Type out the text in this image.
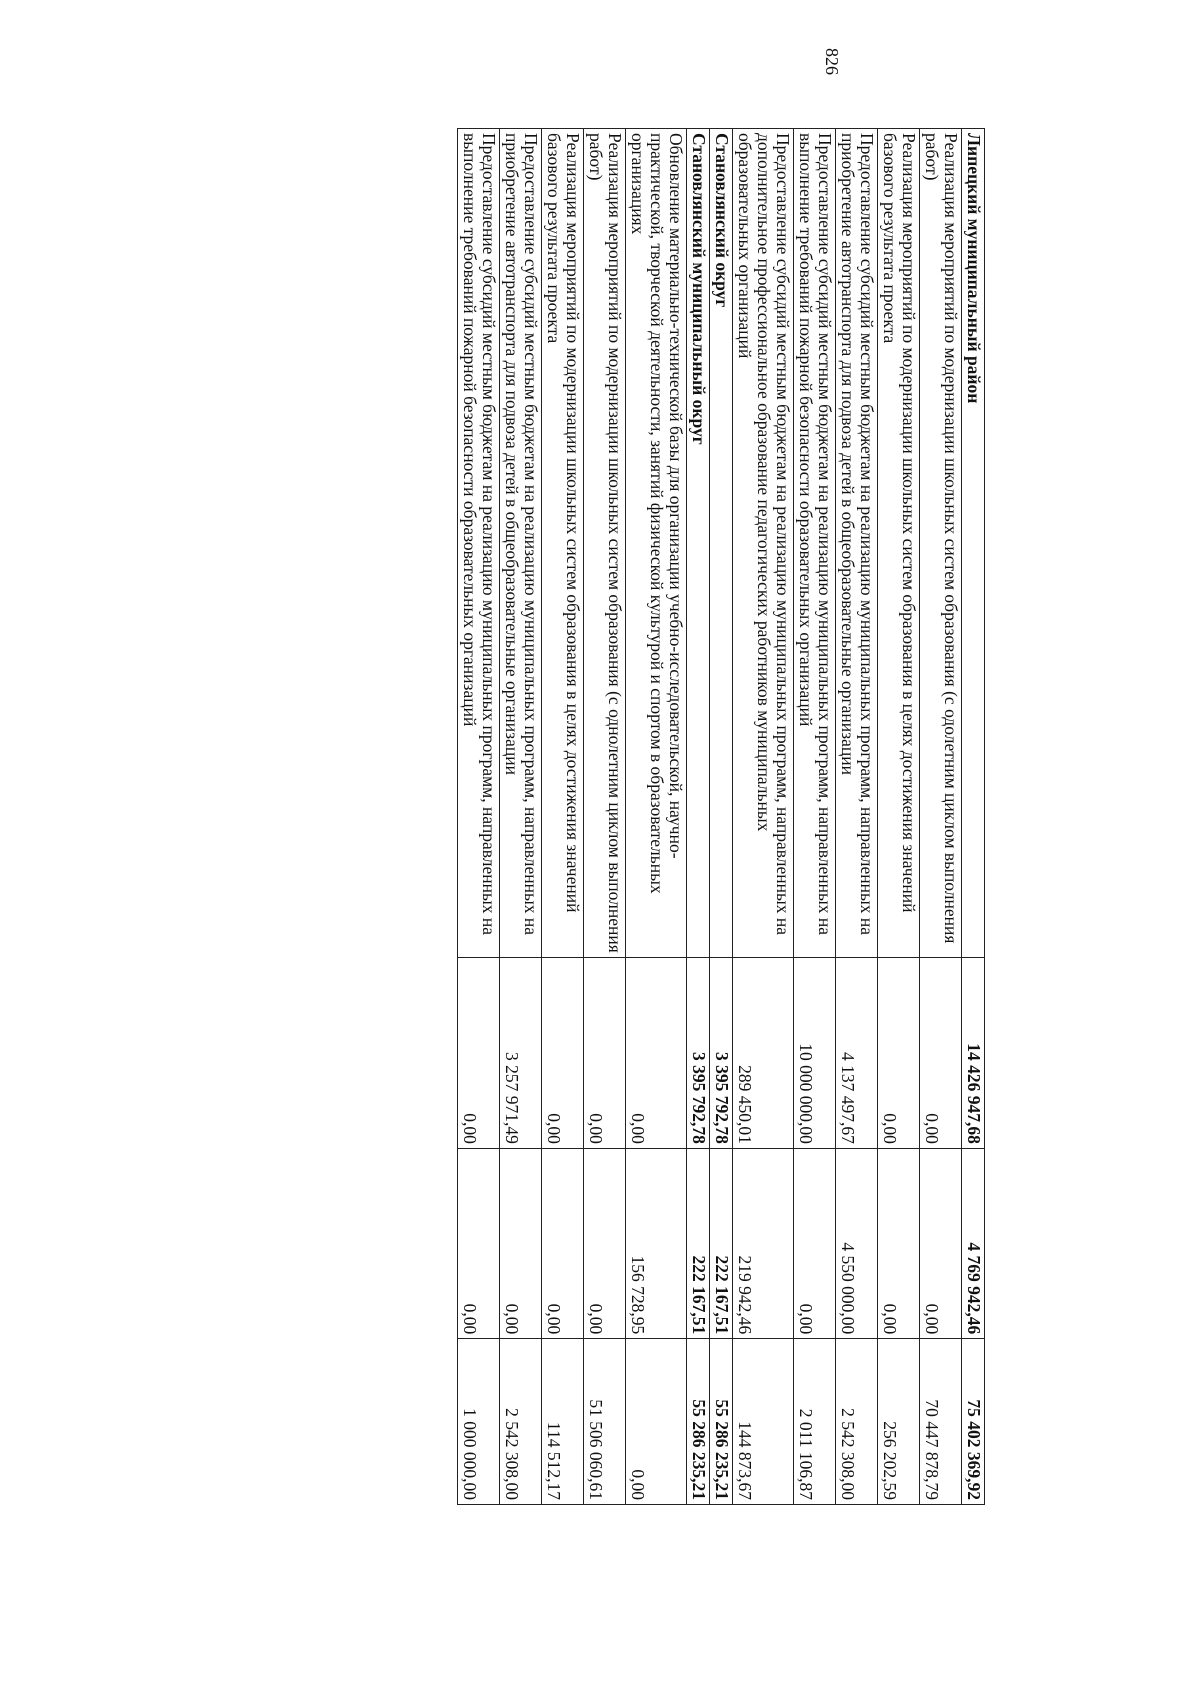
826
Липецкий муниципальный район	14 426 947,68	4 769 942,46	75 402 369,92
Реализация мероприятий по модернизации школьных систем образования (с одолетним циклом выполнения работ)	0,00	0,00	70 447 878,79
Реализация мероприятий по модернизации школьных систем образования в целях достижения значений базового результата проекта	0,00	0,00	256 202,59
Предоставление субсидий местным бюджетам на реализацию муниципальных программ, направленных на приобретение автотранспорта для подвоза детей в общеобразовательные организации	4 137 497,67	4 550 000,00	2 542 308,00
Предоставление субсидий местным бюджетам на реализацию муниципальных программ, направленных на выполнение требований пожарной безопасности образовательных организаций	10 000 000,00	0,00	2 011 106,87
Предоставление субсидий местным бюджетам на реализацию муниципальных программ, направленных на дополнительное профессиональное образование педагогических работников муниципальных образовательных организаций	289 450,01	219 942,46	144 873,67
Становлянский округ	3 395 792,78	222 167,51	55 286 235,21
Становлянский муниципальный округ	3 395 792,78	222 167,51	55 286 235,21
Обновление материально-технической базы для организации учебно-исследовательской, научно-практической, творческой деятельности, занятий физической культурой и спортом в образовательных организациях	0,00	156 728,95	0,00
Реализация мероприятий по модернизации школьных систем образования (с однолетним циклом выполнения работ)	0,00	0,00	51 506 060,61
Реализация мероприятий по модернизации школьных систем образования в целях достижения значений базового результата проекта	0,00	0,00	114 512,17
Предоставление субсидий местным бюджетам на реализацию муниципальных программ, направленных на приобретение автотранспорта для подвоза детей в общеобразовательные организации	3 257 971,49	0,00	2 542 308,00
Предоставление субсидий местным бюджетам на реализацию муниципальных программ, направленных на выполнение требований пожарной безопасности образовательных организаций	0,00	0,00	1 000 000,00
